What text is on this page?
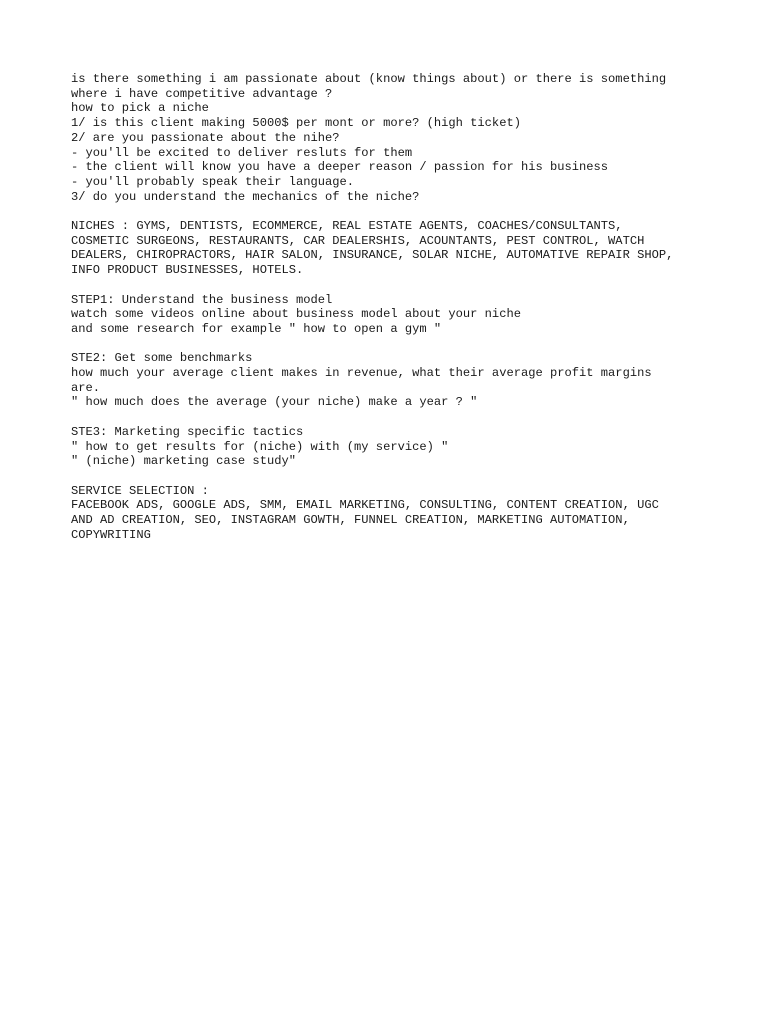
is there something i am passionate about (know things about) or there is something

where i have competitive advantage ?

how to pick a niche

1/ is this client making 5000$ per mont or more? (high ticket)

2/ are you passionate about the nihe?

- you'll be excited to deliver resluts for them

- the client will know you have a deeper reason / passion for his business

- you'll probably speak their language.

3/ do you understand the mechanics of the niche?

NICHES : GYMS, DENTISTS, ECOMMERCE, REAL ESTATE AGENTS, COACHES/CONSULTANTS,

COSMETIC SURGEONS, RESTAURANTS, CAR DEALERSHIS, ACOUNTANTS, PEST CONTROL, WATCH

DEALERS, CHIROPRACTORS, HAIR SALON, INSURANCE, SOLAR NICHE, AUTOMATIVE REPAIR SHOP,

INFO PRODUCT BUSINESSES, HOTELS.

STEP1: Understand the business model

watch some videos online about business model about your niche

and some research for example " how to open a gym "

STE2: Get some benchmarks

how much your average client makes in revenue, what their average profit margins

are.

" how much does the average (your niche) make a year ? "

STE3: Marketing specific tactics

" how to get results for (niche) with (my service) "

" (niche) marketing case study"

SERVICE SELECTION :

FACEBOOK ADS, GOOGLE ADS, SMM, EMAIL MARKETING, CONSULTING, CONTENT CREATION, UGC

AND AD CREATION, SEO, INSTAGRAM GOWTH, FUNNEL CREATION, MARKETING AUTOMATION,

COPYWRITING
